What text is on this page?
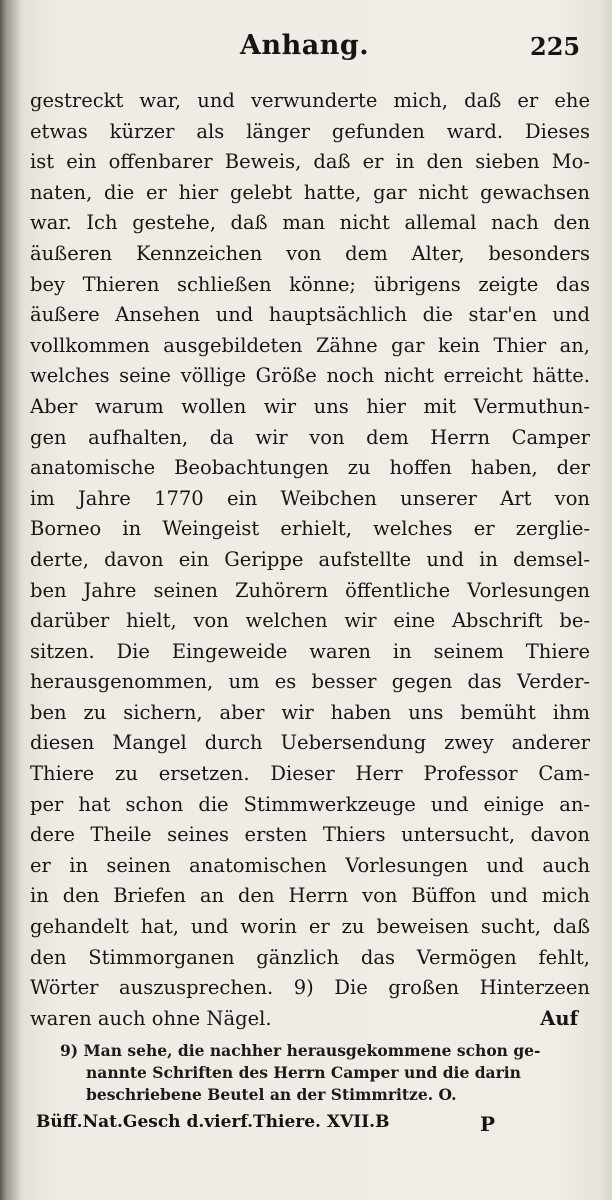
Anhang.	225
gestreckt war, und verwunderte mich, daß er ehe
etwas kürzer als länger gefunden ward. Dieses
ist ein offenbarer Beweis, daß er in den sieben Mo-
naten, die er hier gelebt hatte, gar nicht gewachsen
war. Ich gestehe, daß man nicht allemal nach den
äußeren Kennzeichen von dem Alter, besonders
bey Thieren schließen könne; übrigens zeigte das
äußere Ansehen und hauptsächlich die star'en und
vollkommen ausgebildeten Zähne gar kein Thier an,
welches seine völlige Größe noch nicht erreicht hätte.
Aber warum wollen wir uns hier mit Vermuthun-
gen aufhalten, da wir von dem Herrn Camper
anatomische Beobachtungen zu hoffen haben, der
im Jahre 1770 ein Weibchen unserer Art von
Borneo in Weingeist erhielt, welches er zerglie-
derte, davon ein Gerippe aufstellte und in demsel-
ben Jahre seinen Zuhörern öffentliche Vorlesungen
darüber hielt, von welchen wir eine Abschrift be-
sitzen. Die Eingeweide waren in seinem Thiere
herausgenommen, um es besser gegen das Verder-
ben zu sichern, aber wir haben uns bemüht ihm
diesen Mangel durch Uebersendung zwey anderer
Thiere zu ersetzen. Dieser Herr Professor Cam-
per hat schon die Stimmwerkzeuge und einige an-
dere Theile seines ersten Thiers untersucht, davon
er in seinen anatomischen Vorlesungen und auch
in den Briefen an den Herrn von Büffon und mich
gehandelt hat, und worin er zu beweisen sucht, daß
den Stimmorganen gänzlich das Vermögen fehlt,
Wörter auszusprechen. 9) Die großen Hinterzeen
waren auch ohne Nägel.	Auf
9) Man sehe, die nachher herausgekommene schon ge-
nannte Schriften des Herrn Camper und die darin
beschriebene Beutel an der Stimmritze. O.
Büff.Nat.Gesch d.vierf.Thiere. XVII.B	P
